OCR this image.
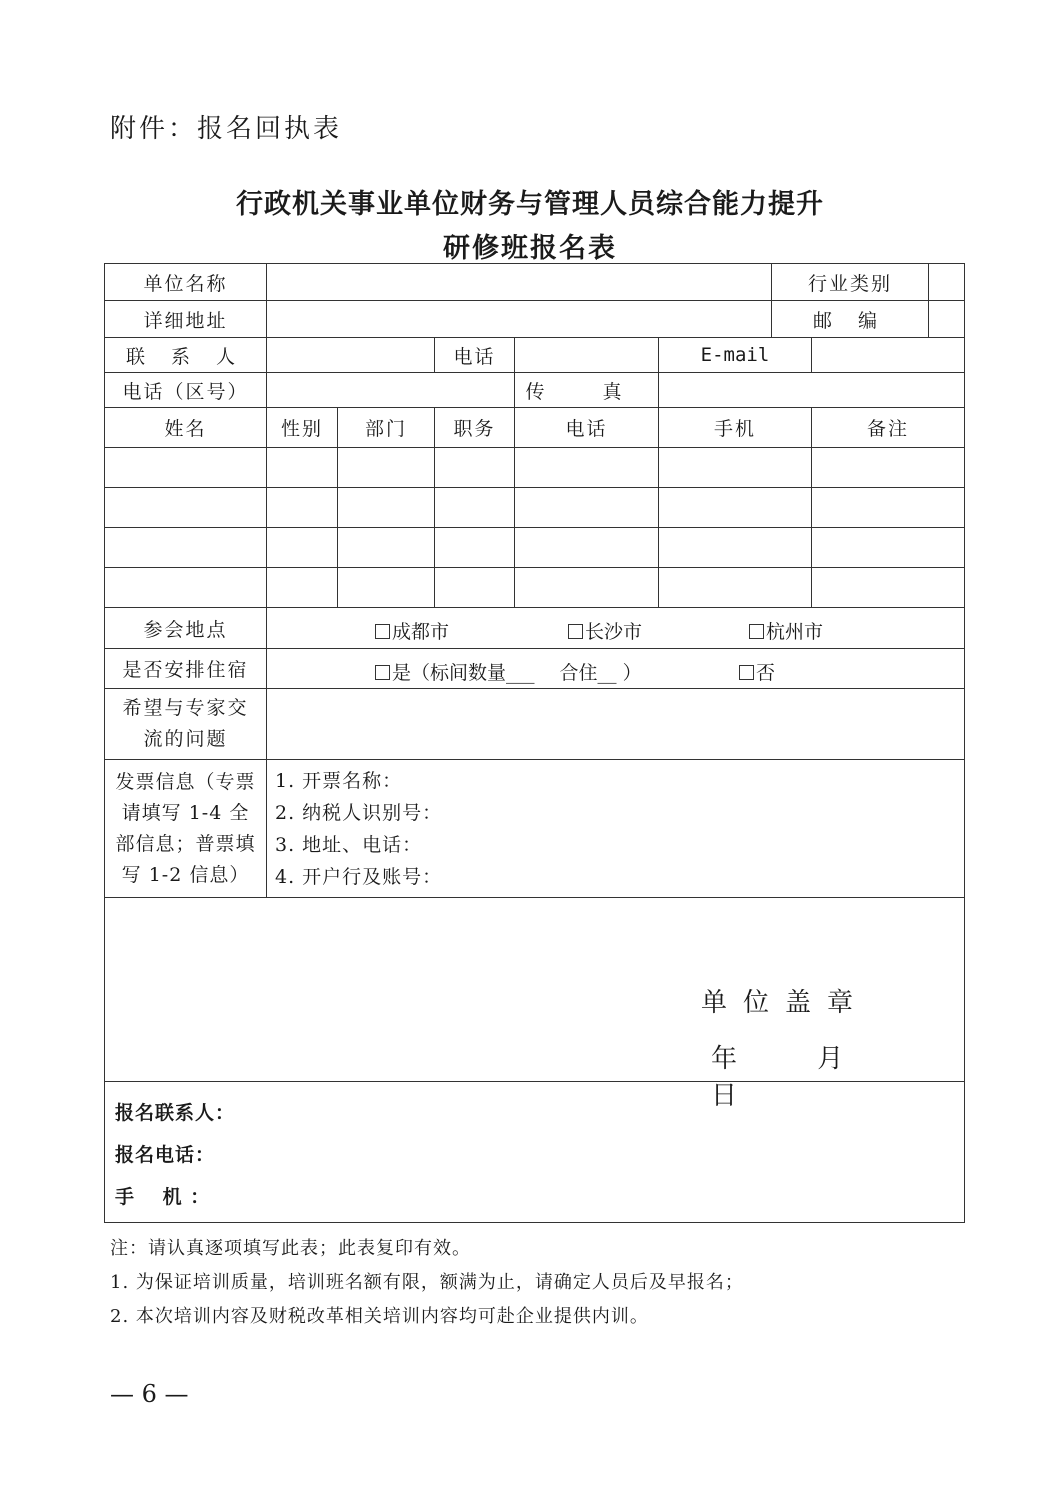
附件：报名回执表
行政机关事业单位财务与管理人员综合能力提升
研修班报名表
单位名称						行业类别		
详细地址						邮 编		
联 系 人			电话		E-mail			
电话（区号）				传 真				
姓名	性别	部门	职务	电话	手机		备注	

参会地点	成都市 长沙市 杭州市							

是否安排住宿	是（标间数量___　 合住__ ） 否							

希望与专家交流的问题								
发票信息（专票请填写 1-4 全部信息；普票填写 1-2 信息）	1. 开票名称：
2. 纳税人识别号：
3. 地址、电话：
4. 开户行及账号：							

单位盖章
年 月 日								

报名联系人：
报名电话：
手　 机 ：								
注：请认真逐项填写此表；此表复印有效。
1. 为保证培训质量，培训班名额有限，额满为止，请确定人员后及早报名；
2. 本次培训内容及财税改革相关培训内容均可赴企业提供内训。
— 6 —
